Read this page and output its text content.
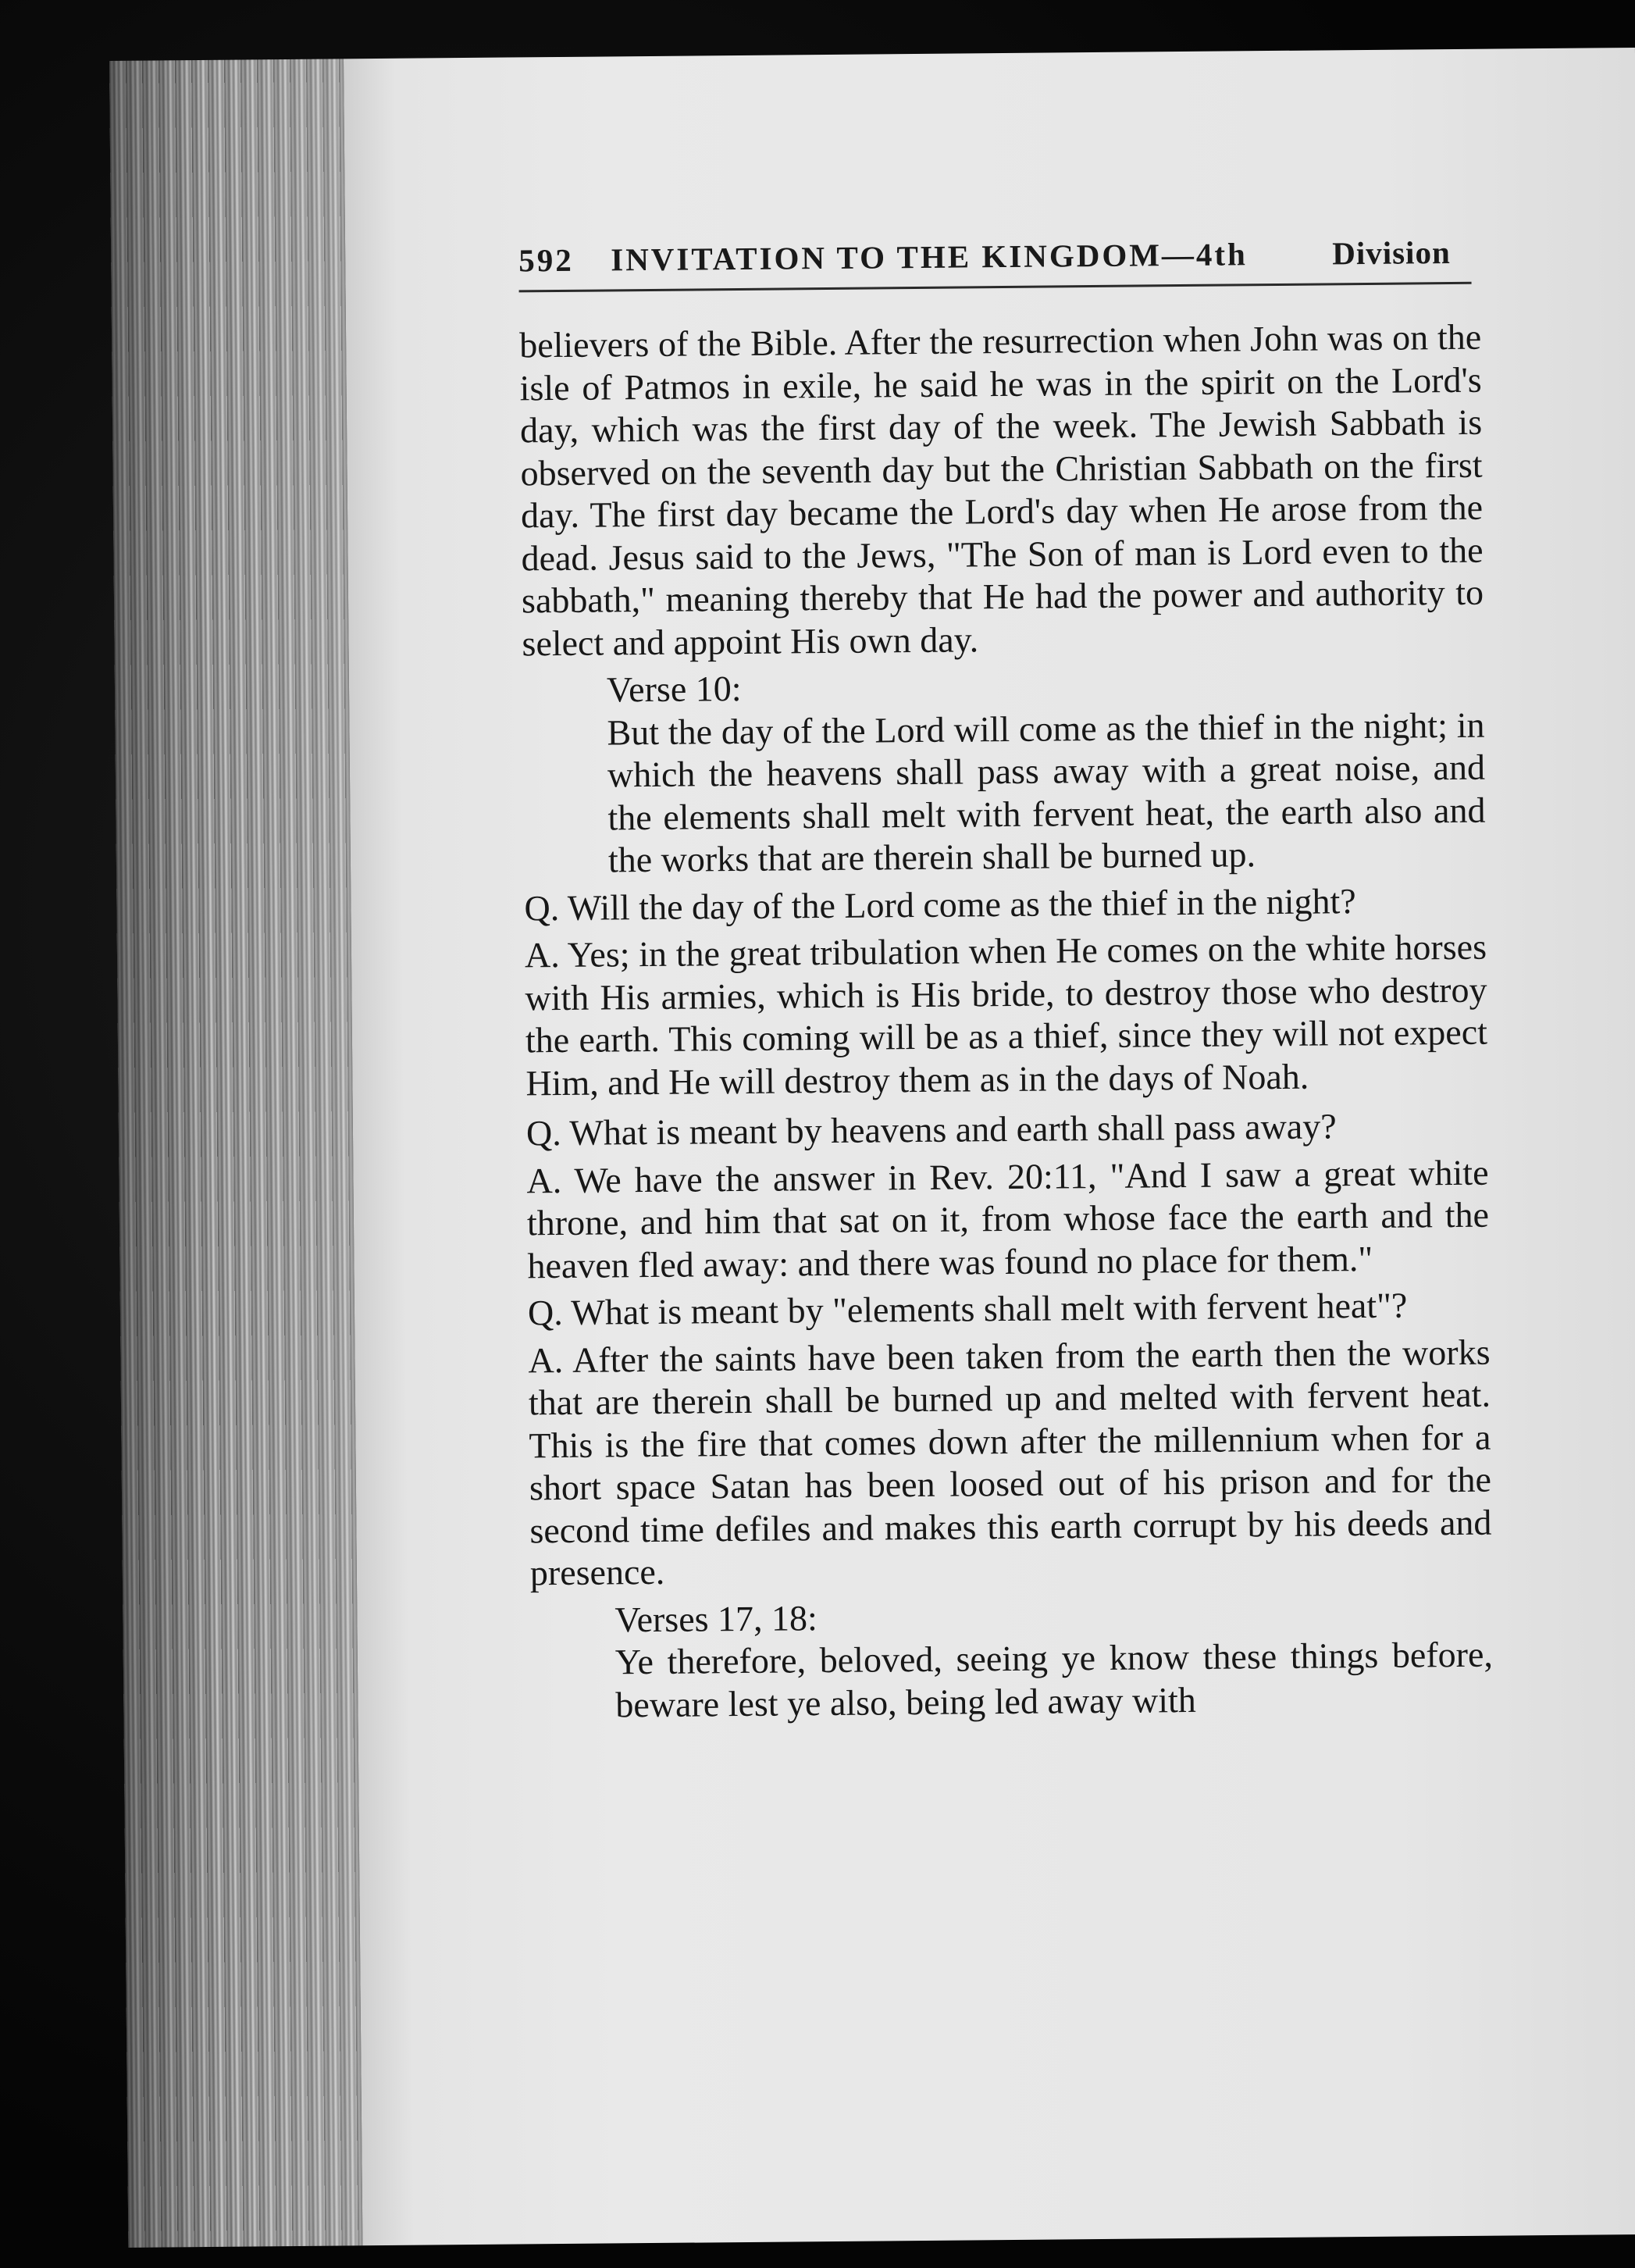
592 INVITATION TO THE KINGDOM—4th	Division

believers of the Bible. After the resurrection when John was on the isle of Patmos in exile, he said he was in the spirit on the Lord's day, which was the first day of the week. The Jewish Sabbath is observed on the seventh day but the Christian Sabbath on the first day. The first day became the Lord's day when He arose from the dead. Jesus said to the Jews, "The Son of man is Lord even to the sabbath," meaning thereby that He had the power and authority to select and appoint His own day.

Verse 10:

But the day of the Lord will come as the thief in the night; in which the heavens shall pass away with a great noise, and the elements shall melt with fervent heat, the earth also and the works that are therein shall be burned up.

Q. Will the day of the Lord come as the thief in the night?

A. Yes; in the great tribulation when He comes on the white horses with His armies, which is His bride, to destroy those who destroy the earth. This coming will be as a thief, since they will not expect Him, and He will destroy them as in the days of Noah.

Q. What is meant by heavens and earth shall pass away?

A. We have the answer in Rev. 20:11, "And I saw a great white throne, and him that sat on it, from whose face the earth and the heaven fled away: and there was found no place for them."

Q. What is meant by "elements shall melt with fervent heat"?

A. After the saints have been taken from the earth then the works that are therein shall be burned up and melted with fervent heat. This is the fire that comes down after the millennium when for a short space Satan has been loosed out of his prison and for the second time defiles and makes this earth corrupt by his deeds and presence.

Verses 17, 18:

Ye therefore, beloved, seeing ye know these things before, beware lest ye also, being led away with
